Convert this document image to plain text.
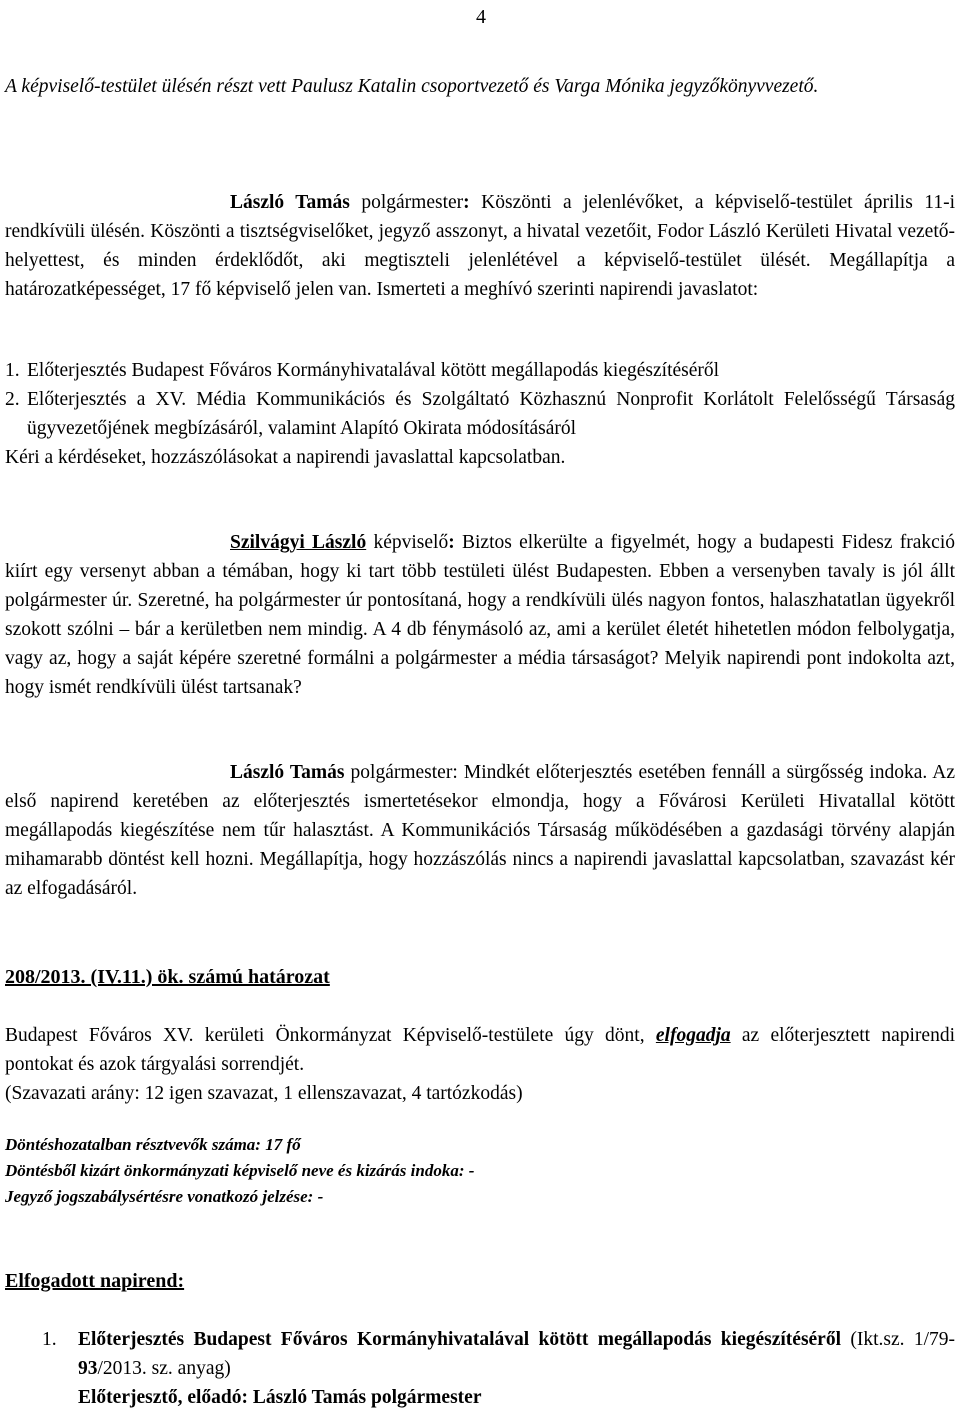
4

A képviselő-testület ülésén részt vett Paulusz Katalin csoportvezető és Varga Mónika jegyzőkönyvvezető.

László Tamás polgármester: Köszönti a jelenlévőket, a képviselő-testület április 11-i rendkívüli ülésén. Köszönti a tisztségviselőket, jegyző asszonyt, a hivatal vezetőit, Fodor László Kerületi Hivatal vezető-helyettest, és minden érdeklődőt, aki megtiszteli jelenlétével a képviselő-testület ülését. Megállapítja a határozatképességet, 17 fő képviselő jelen van. Ismerteti a meghívó szerinti napirendi javaslatot:

1. Előterjesztés Budapest Főváros Kormányhivatalával kötött megállapodás kiegészítéséről
2. Előterjesztés a XV. Média Kommunikációs és Szolgáltató Közhasznú Nonprofit Korlátolt Felelősségű Társaság ügyvezetőjének megbízásáról, valamint Alapító Okirata módosításáról

Kéri a kérdéseket, hozzászólásokat a napirendi javaslattal kapcsolatban.

Szilvágyi László képviselő: Biztos elkerülte a figyelmét, hogy a budapesti Fidesz frakció kiírt egy versenyt abban a témában, hogy ki tart több testületi ülést Budapesten. Ebben a versenyben tavaly is jól állt polgármester úr. Szeretné, ha polgármester úr pontosítaná, hogy a rendkívüli ülés nagyon fontos, halaszhatatlan ügyekről szokott szólni – bár a kerületben nem mindig. A 4 db fénymásoló az, ami a kerület életét hihetetlen módon felbolygatja, vagy az, hogy a saját képére szeretné formálni a polgármester a média társaságot? Melyik napirendi pont indokolta azt, hogy ismét rendkívüli ülést tartsanak?

László Tamás polgármester: Mindkét előterjesztés esetében fennáll a sürgősség indoka. Az első napirend keretében az előterjesztés ismertetésekor elmondja, hogy a Fővárosi Kerületi Hivatallal kötött megállapodás kiegészítése nem tűr halasztást. A Kommunikációs Társaság működésében a gazdasági törvény alapján mihamarabb döntést kell hozni. Megállapítja, hogy hozzászólás nincs a napirendi javaslattal kapcsolatban, szavazást kér az elfogadásáról.

208/2013. (IV.11.) ök. számú határozat

Budapest Főváros XV. kerületi Önkormányzat Képviselő-testülete úgy dönt, elfogadja az előterjesztett napirendi pontokat és azok tárgyalási sorrendjét.

(Szavazati arány: 12 igen szavazat, 1 ellenszavazat, 4 tartózkodás)

Döntéshozatalban résztvevők száma: 17 fő

Döntésből kizárt önkormányzati képviselő neve és kizárás indoka: -

Jegyző jogszabálysértésre vonatkozó jelzése: -

Elfogadott napirend:

1.	Előterjesztés Budapest Főváros Kormányhivatalával kötött megállapodás kiegészítéséről (Ikt.sz. 1/79-93/2013. sz. anyag)

Előterjesztő, előadó: László Tamás polgármester
